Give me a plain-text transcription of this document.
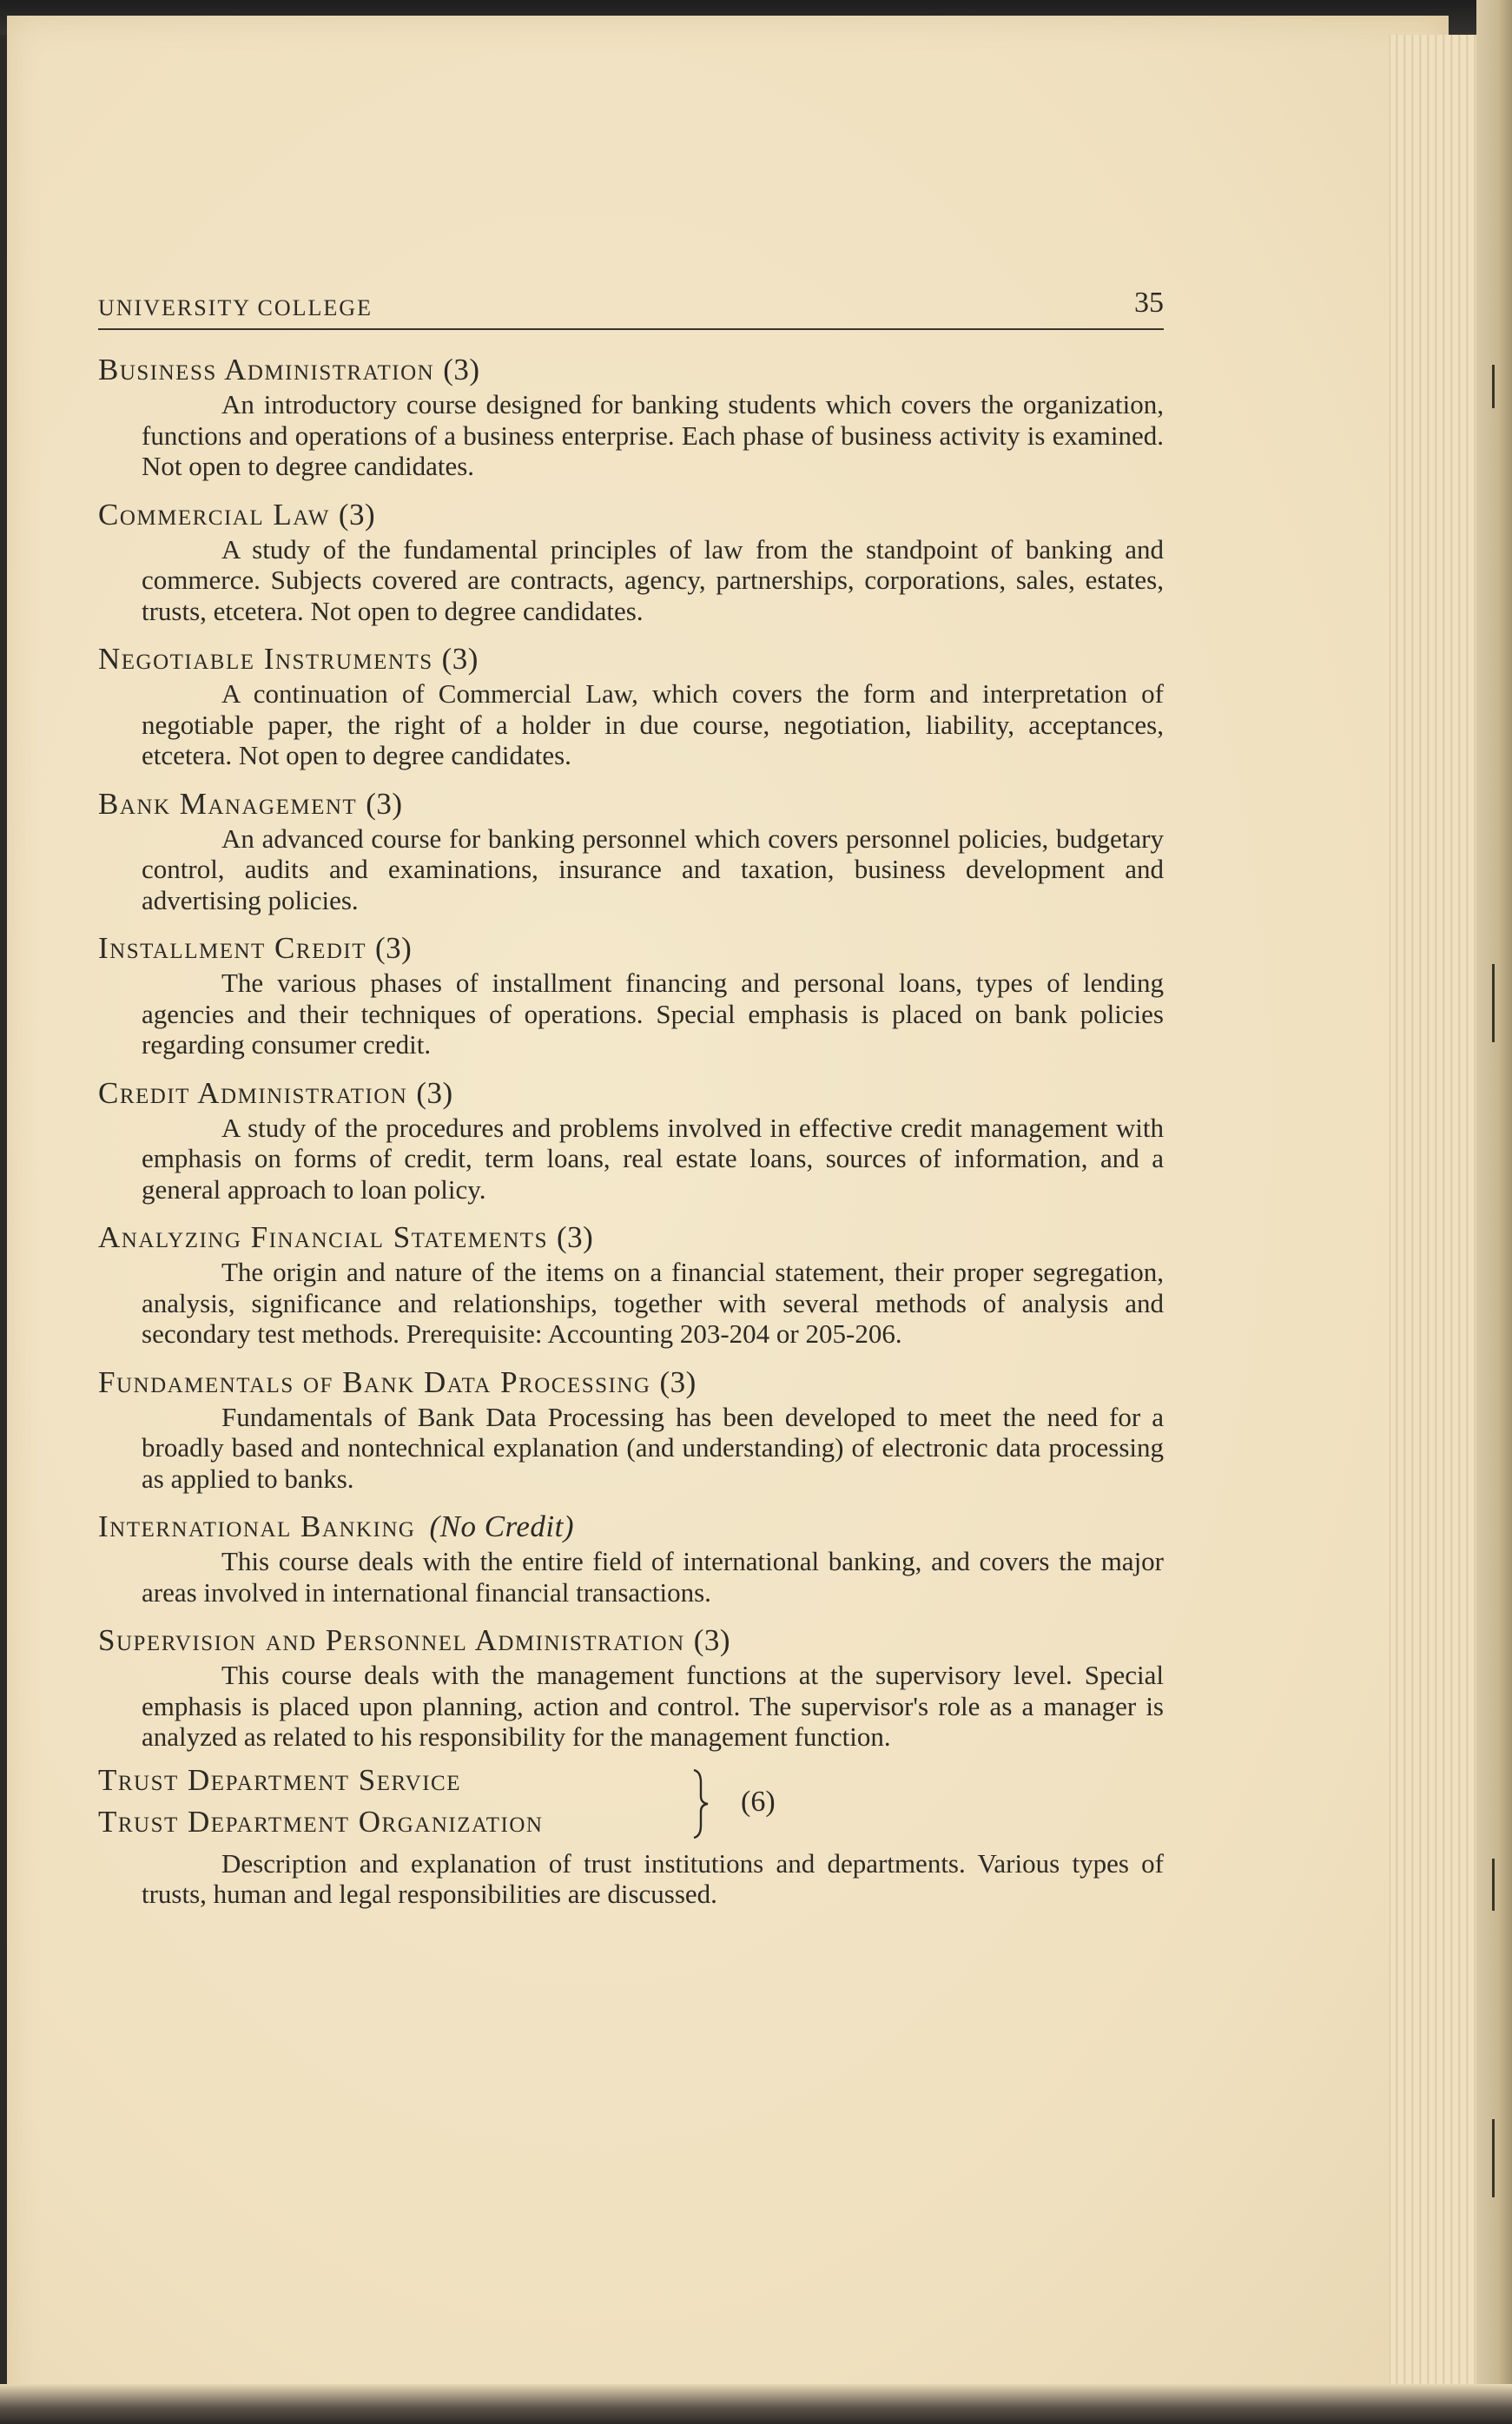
UNIVERSITY COLLEGE	35

Business Administration (3)

An introductory course designed for banking students which covers the organization, functions and operations of a business enterprise. Each phase of business activity is examined. Not open to degree candidates.

Commercial Law (3)

A study of the fundamental principles of law from the standpoint of banking and commerce. Subjects covered are contracts, agency, partnerships, corporations, sales, estates, trusts, etcetera. Not open to degree candidates.

Negotiable Instruments (3)

A continuation of Commercial Law, which covers the form and interpretation of negotiable paper, the right of a holder in due course, negotiation, liability, acceptances, etcetera. Not open to degree candidates.

Bank Management (3)

An advanced course for banking personnel which covers personnel policies, budgetary control, audits and examinations, insurance and taxation, business development and advertising policies.

Installment Credit (3)

The various phases of installment financing and personal loans, types of lending agencies and their techniques of operations. Special emphasis is placed on bank policies regarding consumer credit.

Credit Administration (3)

A study of the procedures and problems involved in effective credit management with emphasis on forms of credit, term loans, real estate loans, sources of information, and a general approach to loan policy.

Analyzing Financial Statements (3)

The origin and nature of the items on a financial statement, their proper segregation, analysis, significance and relationships, together with several methods of analysis and secondary test methods. Prerequisite: Accounting 203-204 or 205-206.

Fundamentals of Bank Data Processing (3)

Fundamentals of Bank Data Processing has been developed to meet the need for a broadly based and nontechnical explanation (and understanding) of electronic data processing as applied to banks.

International Banking (No Credit)

This course deals with the entire field of international banking, and covers the major areas involved in international financial transactions.

Supervision and Personnel Administration (3)

This course deals with the management functions at the supervisory level. Special emphasis is placed upon planning, action and control. The supervisor's role as a manager is analyzed as related to his responsibility for the management function.

Trust Department Service
Trust Department Organization
(6)

Description and explanation of trust institutions and departments. Various types of trusts, human and legal responsibilities are discussed.
